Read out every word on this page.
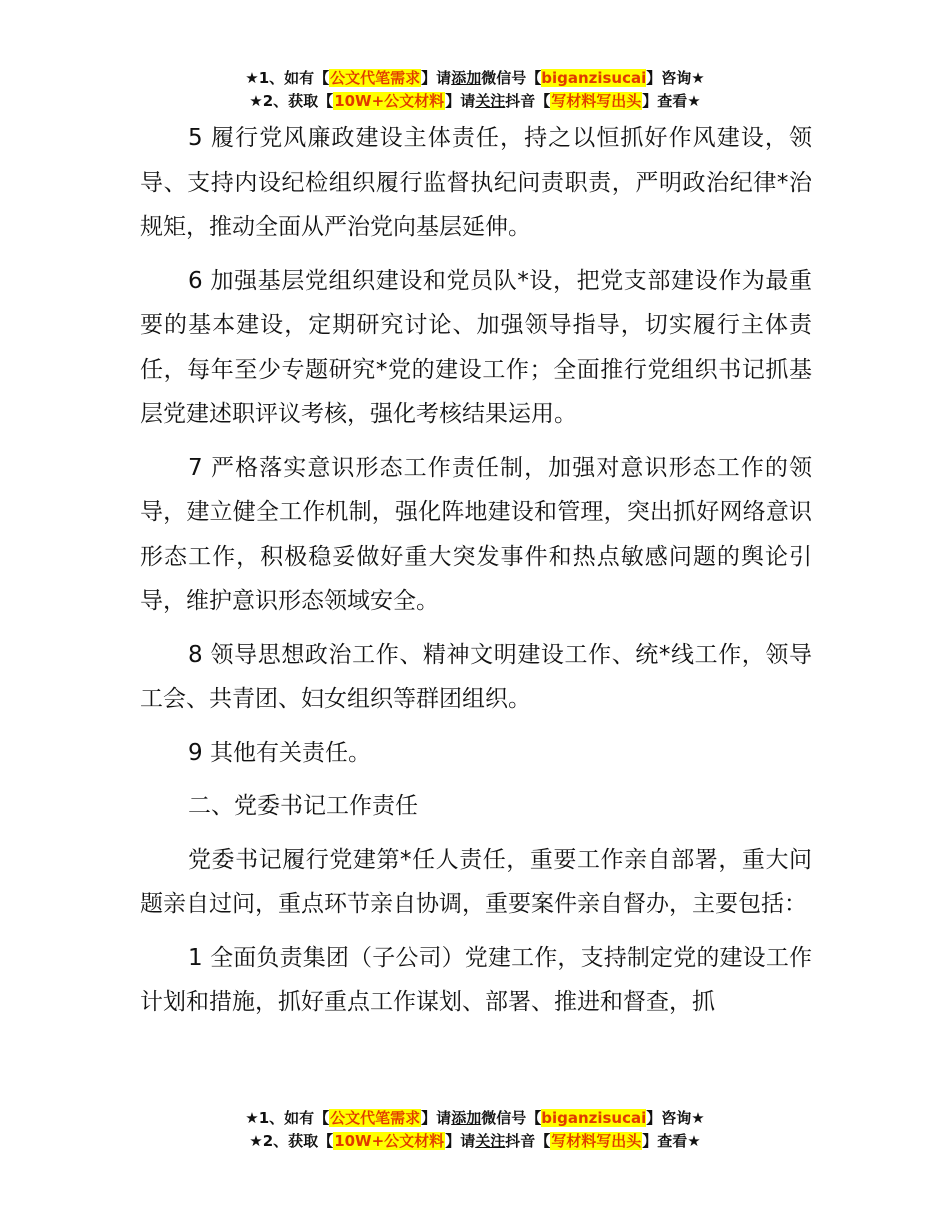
★1、如有【公文代笔需求】请添加微信号【biganzisucai】咨询★
★2、获取【10W+公文材料】请关注抖音【写材料写出头】查看★

5 履行党风廉政建设主体责任，持之以恒抓好作风建设，领导、支持内设纪检组织履行监督执纪问责职责，严明政治纪律*治规矩，推动全面从严治党向基层延伸。

6 加强基层党组织建设和党员队*设，把党支部建设作为最重要的基本建设，定期研究讨论、加强领导指导，切实履行主体责任，每年至少专题研究*党的建设工作；全面推行党组织书记抓基层党建述职评议考核，强化考核结果运用。

7 严格落实意识形态工作责任制，加强对意识形态工作的领导，建立健全工作机制，强化阵地建设和管理，突出抓好网络意识形态工作，积极稳妥做好重大突发事件和热点敏感问题的舆论引导，维护意识形态领域安全。

8 领导思想政治工作、精神文明建设工作、统*线工作，领导工会、共青团、妇女组织等群团组织。

9 其他有关责任。

二、党委书记工作责任

党委书记履行党建第*任人责任，重要工作亲自部署，重大问题亲自过问，重点环节亲自协调，重要案件亲自督办，主要包括：

1 全面负责集团（子公司）党建工作，支持制定党的建设工作计划和措施，抓好重点工作谋划、部署、推进和督查，抓

★1、如有【公文代笔需求】请添加微信号【biganzisucai】咨询★
★2、获取【10W+公文材料】请关注抖音【写材料写出头】查看★
